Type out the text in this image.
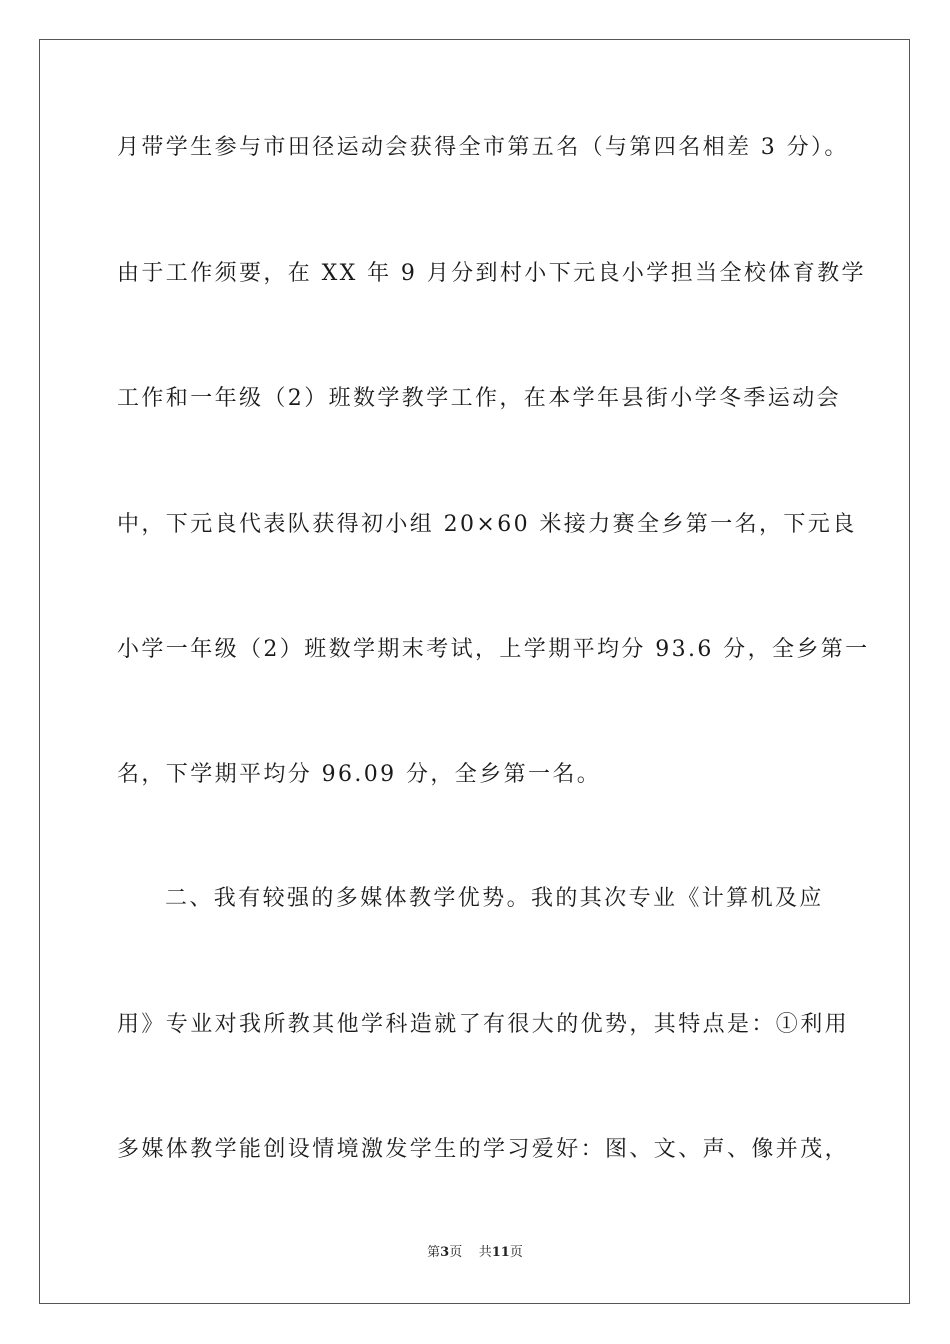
月带学生参与市田径运动会获得全市第五名（与第四名相差 3 分）。
由于工作须要，在 XX 年 9 月分到村小下元良小学担当全校体育教学
工作和一年级（2）班数学教学工作，在本学年县街小学冬季运动会
中，下元良代表队获得初小组 20×60 米接力赛全乡第一名，下元良
小学一年级（2）班数学期末考试，上学期平均分 93.6 分，全乡第一
名，下学期平均分 96.09 分，全乡第一名。
二、我有较强的多媒体教学优势。我的其次专业《计算机及应
用》专业对我所教其他学科造就了有很大的优势，其特点是：①利用
多媒体教学能创设情境激发学生的学习爱好：图、文、声、像并茂，
第3页 共11页
